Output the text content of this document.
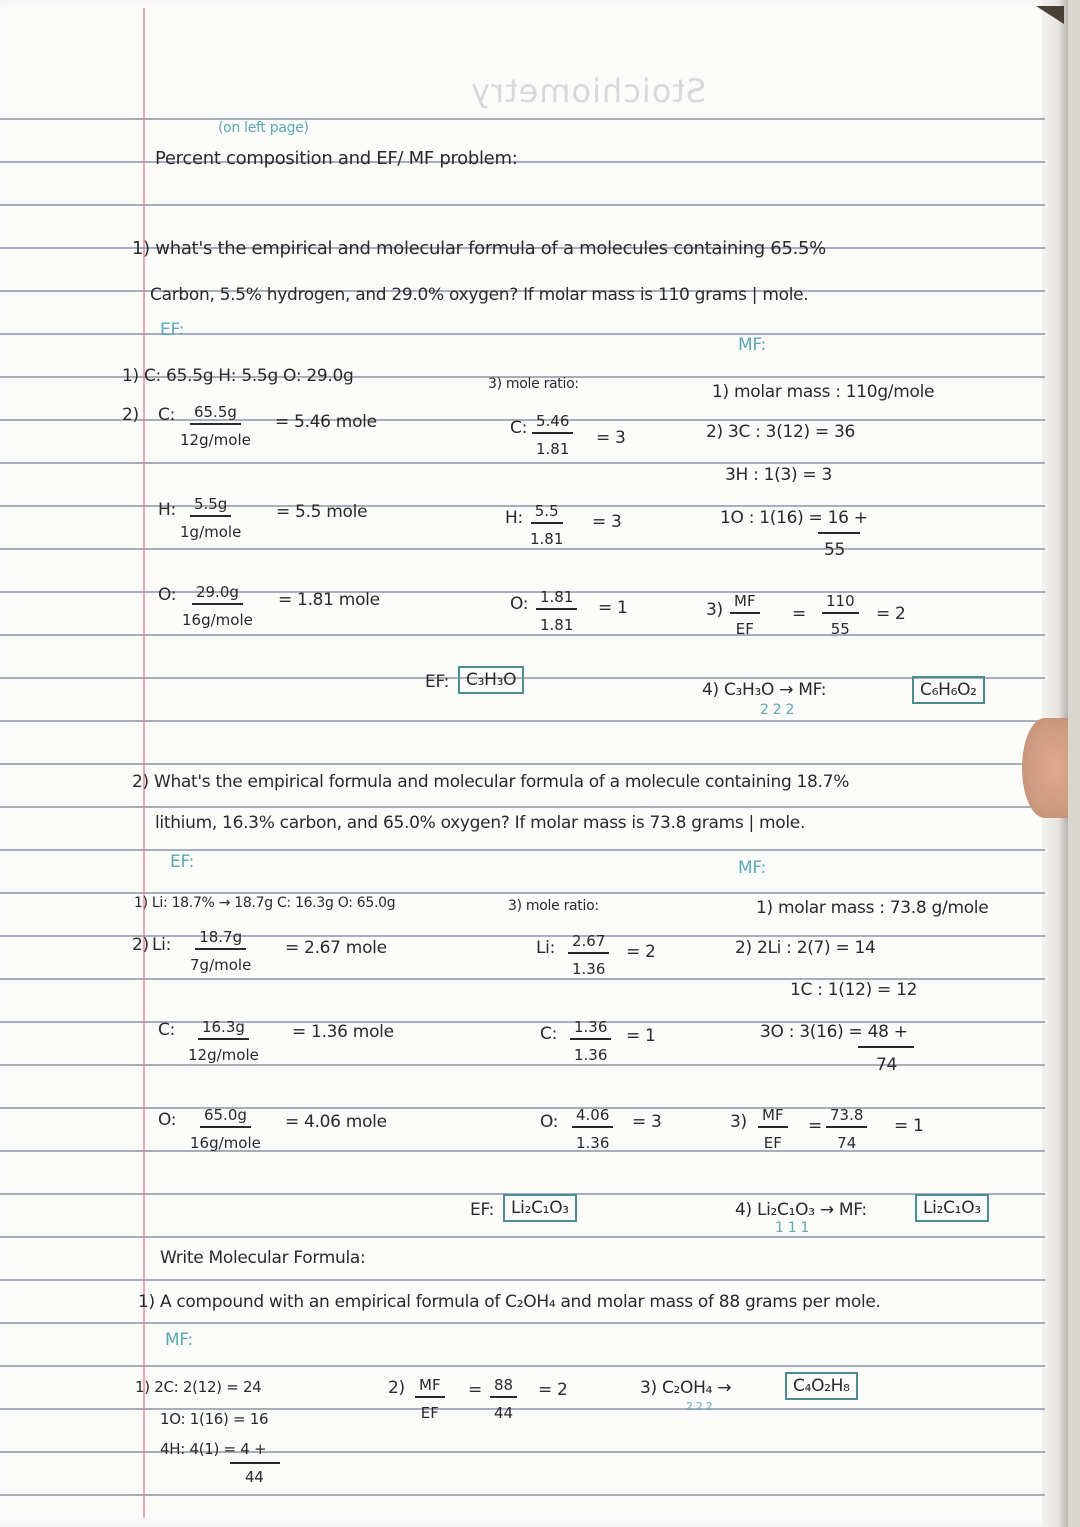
Stoichiometry
(on left page)
Percent composition and EF/ MF problem:
1) what's the empirical and molecular formula of a molecules containing 65.5%
Carbon, 5.5% hydrogen, and 29.0% oxygen? If molar mass is 110 grams | mole.
EF:
MF:
1) C: 65.5g H: 5.5g O: 29.0g
2) C: 65.5g
12g/mole
= 5.46 mole
H: 5.5g
1g/mole
= 5.5 mole
O: 29.0g
16g/mole
= 1.81 mole
3) mole ratio:
C: $\frac{5.46}{1.81} = 3$
H: $\frac{5.5}{1.81} = 3$
O: $\frac{1.81}{1.81} = 1$
EF: C₃H₃O
1) molar mass : 110g/mole
2) 3C : 3(12) = 36
3H : 1(3) = 3
1O : 1(16) = 16 +
55
$3) \frac{MF}{EF} = \frac{110}{55} = 2$
4) C₃H₃O → MF:
2 2 2
C₆H₆O₂
2) What's the empirical formula and molecular formula of a molecule containing 18.7%
lithium, 16.3% carbon, and 65.0% oxygen? If molar mass is 73.8 grams | mole.
EF:	MF:
1) Li: 18.7% → 18.7g C: 16.3g O: 65.0g
2) Li: 18.7g
7g/mole
= 2.67 mole
C: 16.3g
12g/mole
= 1.36 mole
O: 65.0g
16g/mole
= 4.06 mole
3) mole ratio:
Li: $\frac{2.67}{1.36} = 2$
C: $\frac{1.36}{1.36} = 1$
O: $\frac{4.06}{1.36} = 3$
EF: Li₂C₁O₃
1) molar mass : 73.8 g/mole
2) 2Li : 2(7) = 14
1C : 1(12) = 12
3O : 3(16) = 48 +
74
$3) \frac{MF}{EF} = \frac{73.8}{74} = 1$
4) Li₂C₁O₃ → MF:
1 1 1
Li₂C₁O₃
Write Molecular Formula:
1) A compound with an empirical formula of C₂OH₄ and molar mass of 88 grams per mole.
MF:
1) 2C: 2(12) = 24
1O: 1(16) = 16
4H: 4(1) = 4 +
44
$2) \frac{MF}{EF} = \frac{88}{44} = 2$	3) C₂OH₄ →
2 2 2
C₄O₂H₈
